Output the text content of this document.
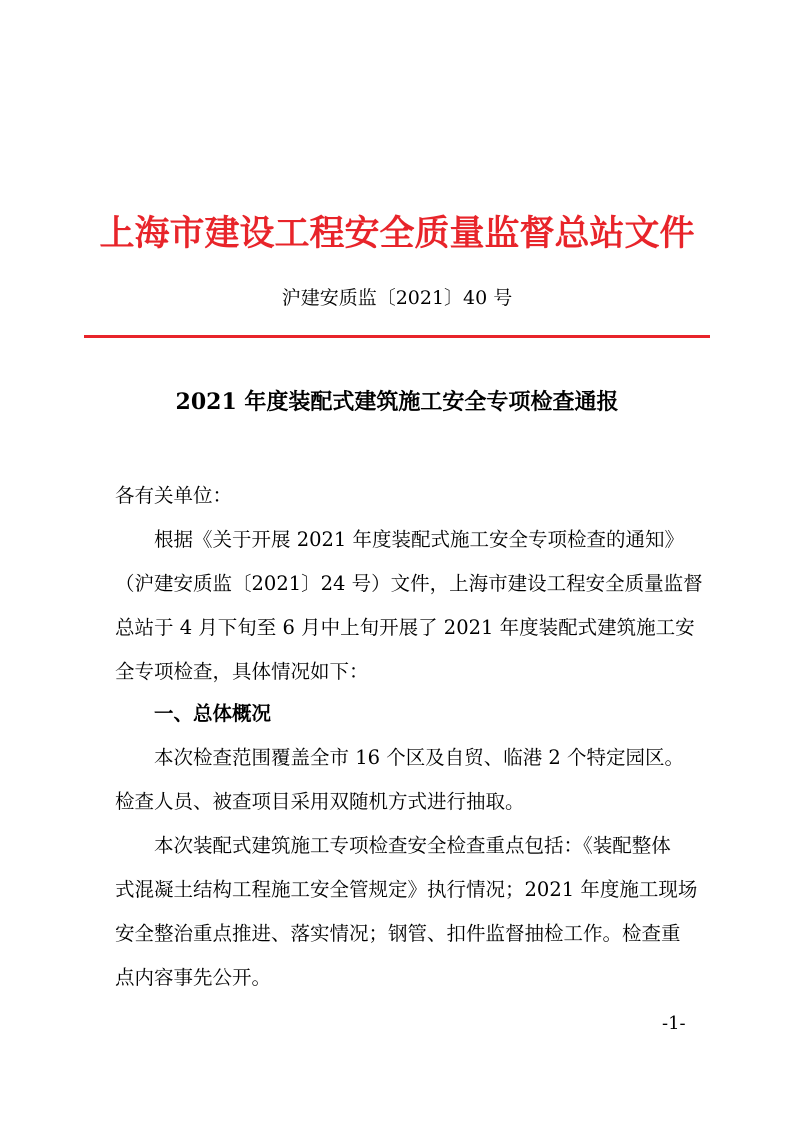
上海市建设工程安全质量监督总站文件
沪建安质监〔2021〕40 号
2021 年度装配式建筑施工安全专项检查通报
各有关单位：
根据《关于开展 2021 年度装配式施工安全专项检查的通知》
（沪建安质监〔2021〕24 号）文件，上海市建设工程安全质量监督
总站于 4 月下旬至 6 月中上旬开展了 2021 年度装配式建筑施工安
全专项检查，具体情况如下：
一、总体概况
本次检查范围覆盖全市 16 个区及自贸、临港 2 个特定园区。
检查人员、被查项目采用双随机方式进行抽取。
本次装配式建筑施工专项检查安全检查重点包括：《装配整体
式混凝土结构工程施工安全管规定》执行情况；2021 年度施工现场
安全整治重点推进、落实情况；钢管、扣件监督抽检工作。检查重
点内容事先公开。
-1-
